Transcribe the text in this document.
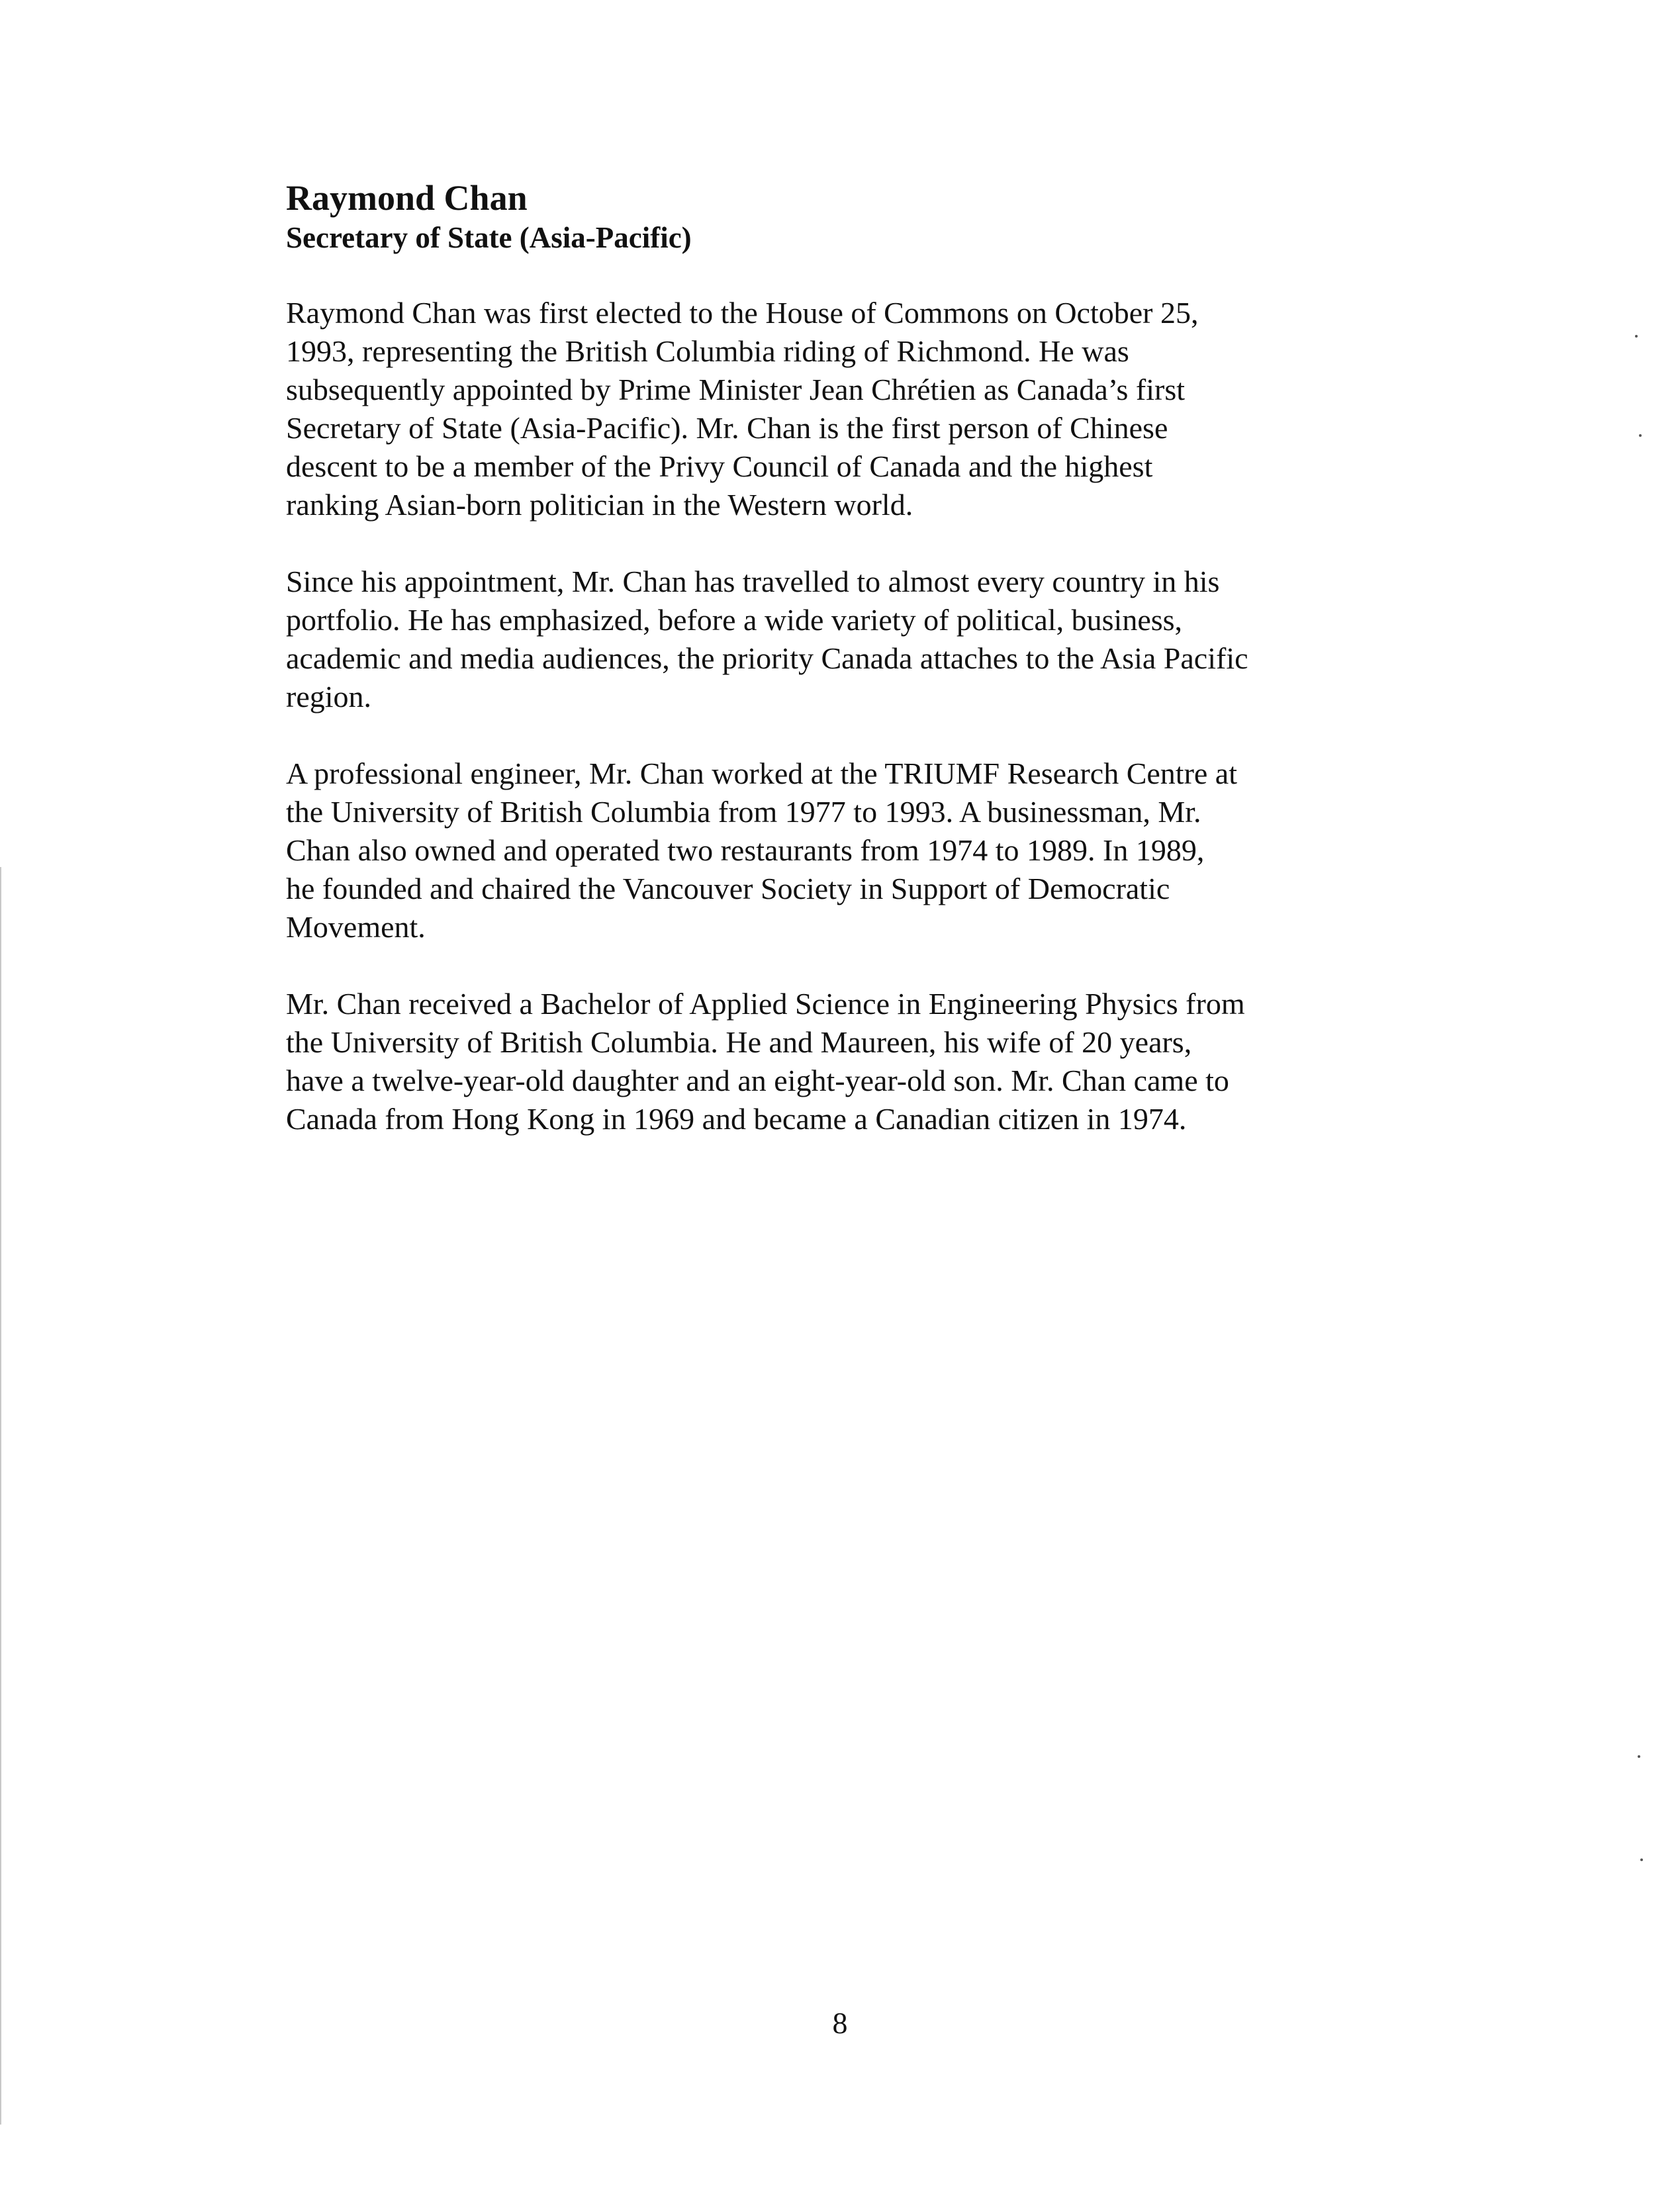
Raymond Chan
Secretary of State (Asia-Pacific)

Raymond Chan was first elected to the House of Commons on October 25,
1993, representing the British Columbia riding of Richmond. He was
subsequently appointed by Prime Minister Jean Chrétien as Canada’s first
Secretary of State (Asia-Pacific). Mr. Chan is the first person of Chinese
descent to be a member of the Privy Council of Canada and the highest
ranking Asian-born politician in the Western world.

Since his appointment, Mr. Chan has travelled to almost every country in his
portfolio. He has emphasized, before a wide variety of political, business,
academic and media audiences, the priority Canada attaches to the Asia Pacific
region.

A professional engineer, Mr. Chan worked at the TRIUMF Research Centre at
the University of British Columbia from 1977 to 1993. A businessman, Mr.
Chan also owned and operated two restaurants from 1974 to 1989. In 1989,
he founded and chaired the Vancouver Society in Support of Democratic
Movement.

Mr. Chan received a Bachelor of Applied Science in Engineering Physics from
the University of British Columbia. He and Maureen, his wife of 20 years,
have a twelve-year-old daughter and an eight-year-old son. Mr. Chan came to
Canada from Hong Kong in 1969 and became a Canadian citizen in 1974.

8
